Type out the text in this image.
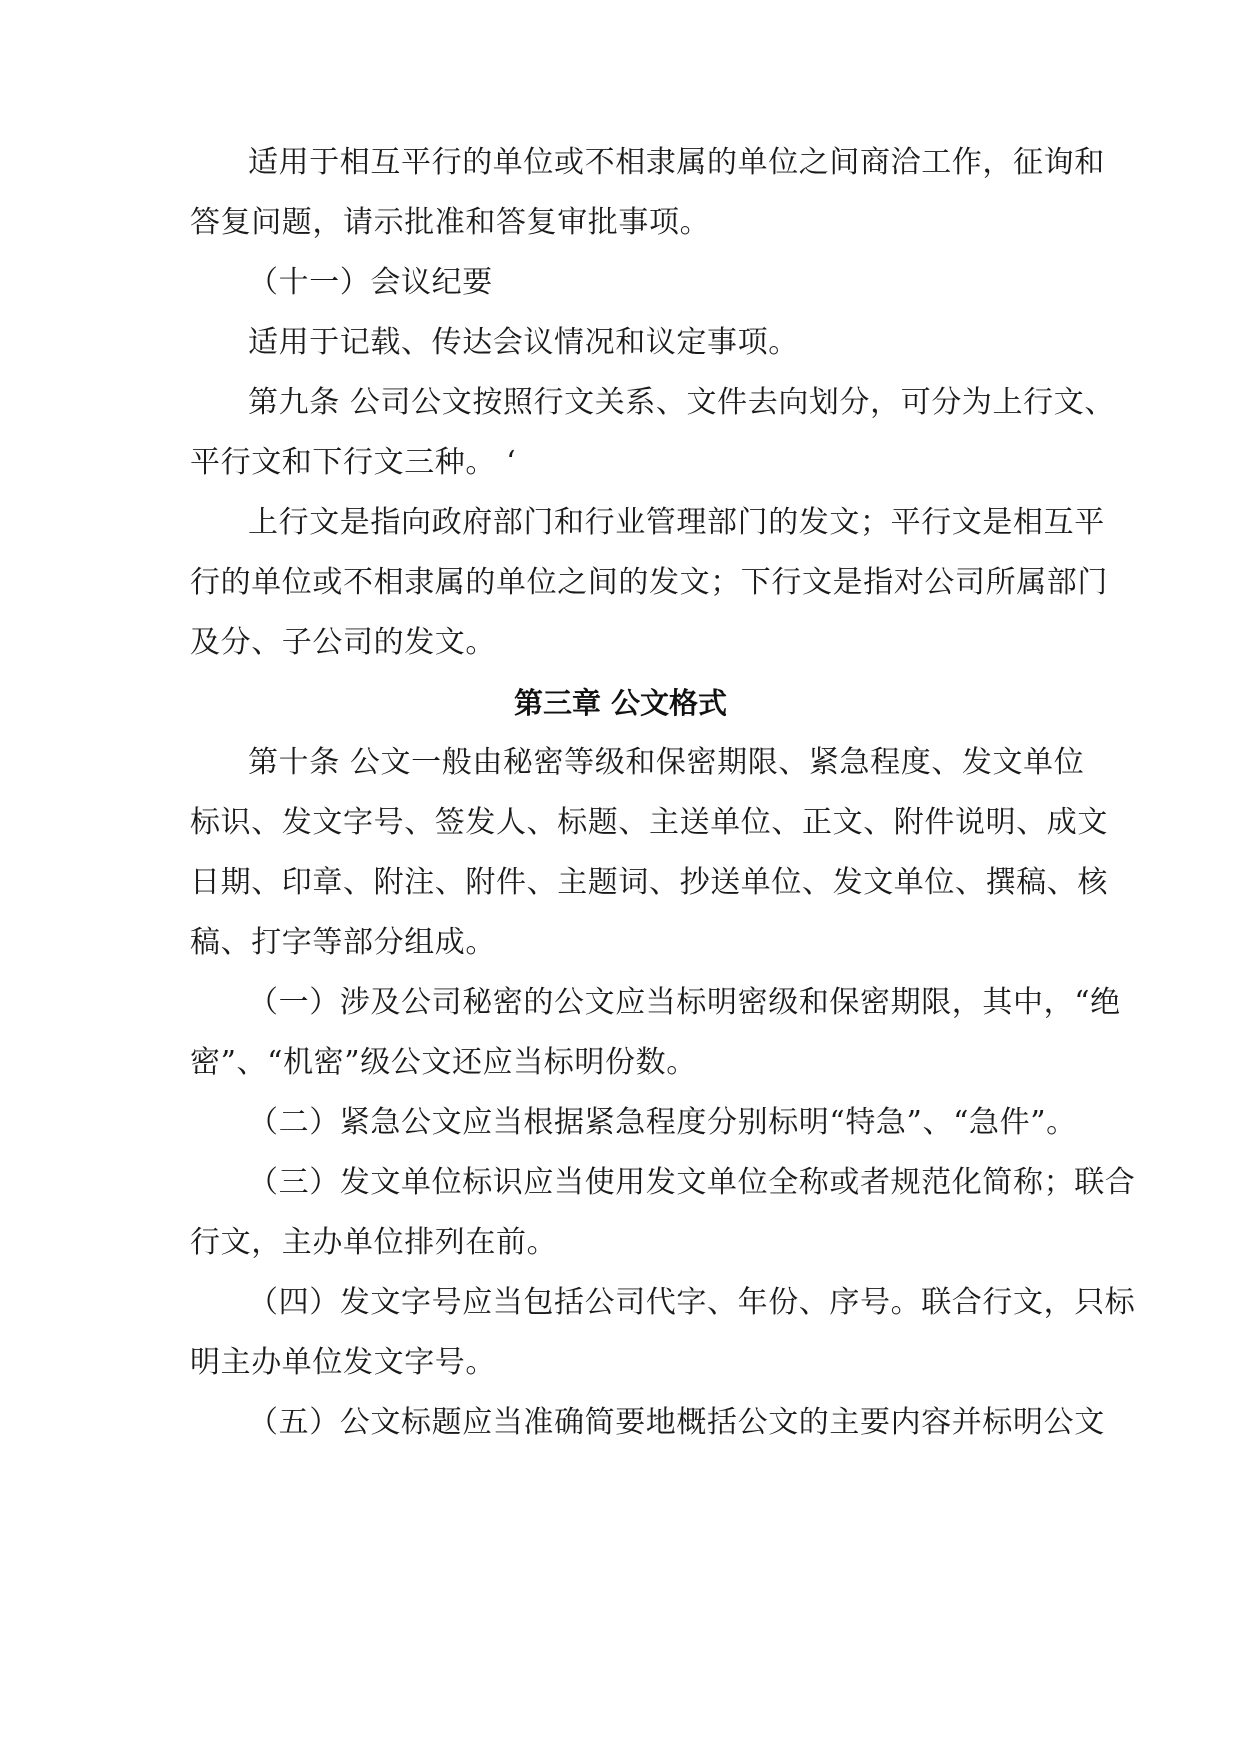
适用于相互平行的单位或不相隶属的单位之间商洽工作，征询和
答复问题，请示批准和答复审批事项。
（十一）会议纪要
适用于记载、传达会议情况和议定事项。
第九条 公司公文按照行文关系、文件去向划分，可分为上行文、
平行文和下行文三种。 ‘
上行文是指向政府部门和行业管理部门的发文；平行文是相互平
行的单位或不相隶属的单位之间的发文；下行文是指对公司所属部门
及分、子公司的发文。
第三章 公文格式
第十条 公文一般由秘密等级和保密期限、紧急程度、发文单位
标识、发文字号、签发人、标题、主送单位、正文、附件说明、成文
日期、印章、附注、附件、主题词、抄送单位、发文单位、撰稿、核
稿、打字等部分组成。
（一）涉及公司秘密的公文应当标明密级和保密期限，其中，“绝
密”、“机密”级公文还应当标明份数。
（二）紧急公文应当根据紧急程度分别标明“特急”、“急件”。
（三）发文单位标识应当使用发文单位全称或者规范化简称；联合
行文，主办单位排列在前。
（四）发文字号应当包括公司代字、年份、序号。联合行文，只标
明主办单位发文字号。
（五）公文标题应当准确简要地概括公文的主要内容并标明公文
